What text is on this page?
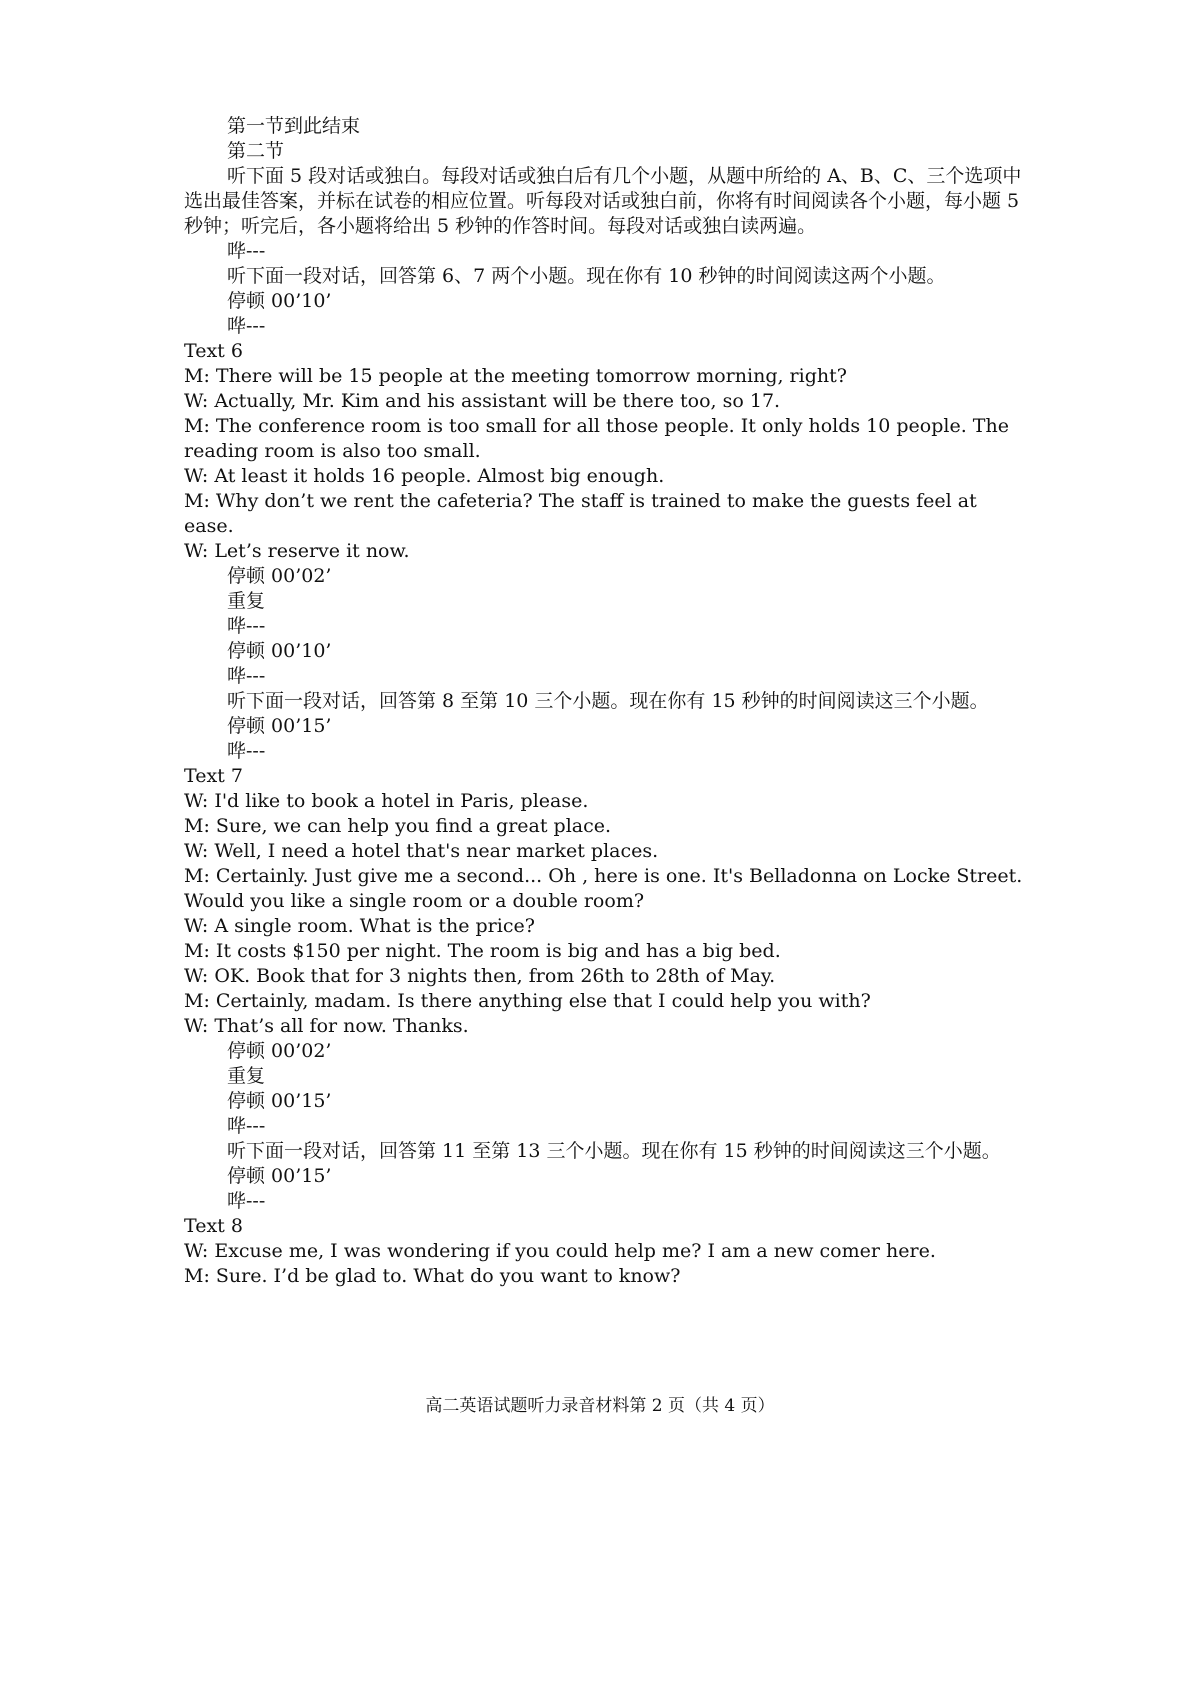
第一节到此结束
第二节
听下面 5 段对话或独白。每段对话或独白后有几个小题，从题中所给的 A、B、C、三个选项中选出最佳答案，并标在试卷的相应位置。听每段对话或独白前，你将有时间阅读各个小题，每小题 5 秒钟；听完后，各小题将给出 5 秒钟的作答时间。每段对话或独白读两遍。
哗---
听下面一段对话，回答第 6、7 两个小题。现在你有 10 秒钟的时间阅读这两个小题。
停顿 00’10’
哗---
Text 6
M: There will be 15 people at the meeting tomorrow morning, right?
W: Actually, Mr. Kim and his assistant will be there too, so 17.
M: The conference room is too small for all those people. It only holds 10 people. The reading room is also too small.
W: At least it holds 16 people. Almost big enough.
M: Why don’t we rent the cafeteria? The staff is trained to make the guests feel at ease.
W: Let’s reserve it now.
停顿 00’02’
重复
哗---
停顿 00’10’
哗---
听下面一段对话，回答第 8 至第 10 三个小题。现在你有 15 秒钟的时间阅读这三个小题。
停顿 00’15’
哗---
Text 7
W: I'd like to book a hotel in Paris, please.
M: Sure, we can help you find a great place.
W: Well, I need a hotel that's near market places.
M: Certainly. Just give me a second... Oh , here is one. It's Belladonna on Locke Street. Would you like a single room or a double room?
W: A single room. What is the price?
M: It costs $150 per night. The room is big and has a big bed.
W: OK. Book that for 3 nights then, from 26th to 28th of May.
M: Certainly, madam. Is there anything else that I could help you with?
W: That’s all for now. Thanks.
停顿 00’02’
重复
停顿 00’15’
哗---
听下面一段对话，回答第 11 至第 13 三个小题。现在你有 15 秒钟的时间阅读这三个小题。
停顿 00’15’
哗---
Text 8
W: Excuse me, I was wondering if you could help me? I am a new comer here.
M: Sure. I’d be glad to. What do you want to know?
高二英语试题听力录音材料第 2 页（共 4 页）
